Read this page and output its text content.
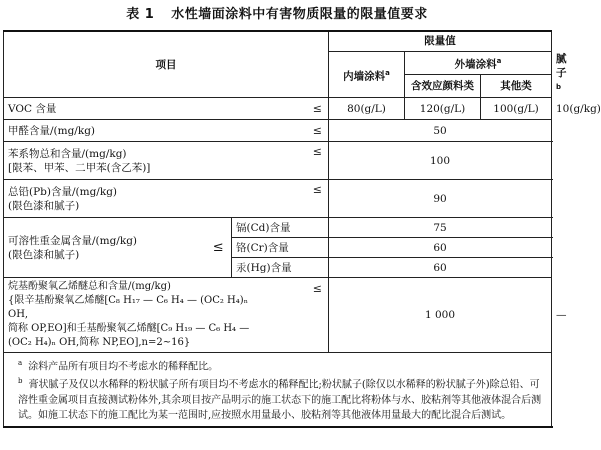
表 1 水性墙面涂料中有害物质限量的限量值要求
项目				限量值			
				内墙涂料$^a$	外墙涂料$^a$		腻子$^b$
					含效应颜料类	其他类	
VOC 含量			≤	80(g/L)	120(g/L)	100(g/L)	10(g/kg)
甲醛含量/(mg/kg)			≤	50			

苯系物总和含量/(mg/kg)
[限苯、甲苯、二甲苯(含乙苯)]			≤	100			

总铅(Pb)含量/(mg/kg)
(限色漆和腻子)			≤	90			

可溶性重金属含量/(mg/kg)
(限色漆和腻子)	≤	镉(Cd)含量		75			
		铬(Cr)含量		60			
		汞(Hg)含量		60			

烷基酚聚氧乙烯醚总和含量/(mg/kg)
{限辛基酚聚氧乙烯醚[C₈ H₁₇ — C₆ H₄ — (OC₂ H₄)ₙ OH,
简称 OP,EO]和壬基酚聚氧乙烯醚[C₉ H₁₉ — C₆ H₄ —
(OC₂ H₄)ₙ OH,简称 NP,EO],n=2~16}			≤	1 000			—

$^a$ 涂料产品所有项目均不考虑水的稀释配比。
$^b$ 膏状腻子及仅以水稀释的粉状腻子所有项目均不考虑水的稀释配比;粉状腻子(除仅以水稀释的粉状腻子外)除总铅、可溶性重金属项目直接测试粉体外,其余项目按产品明示的施工状态下的施工配比将粉体与水、胶粘剂等其他液体混合后测试。如施工状态下的施工配比为某一范围时,应按照水用量最小、胶粘剂等其他液体用量最大的配比混合后测试。							
